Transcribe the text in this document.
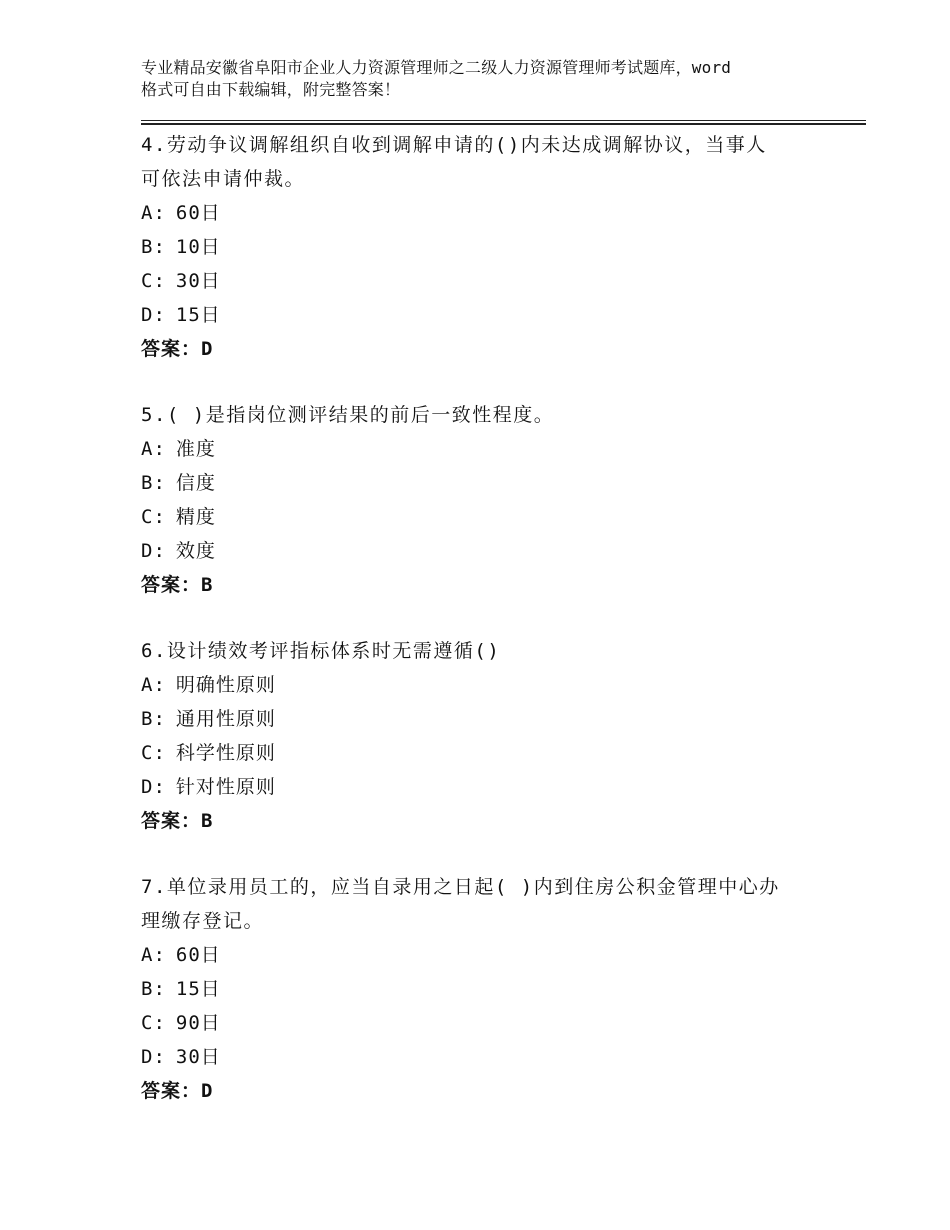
专业精品安徽省阜阳市企业人力资源管理师之二级人力资源管理师考试题库，word
格式可自由下载编辑，附完整答案！
4.劳动争议调解组织自收到调解申请的()内未达成调解协议，当事人
可依法申请仲裁。
A: 60日
B: 10日
C: 30日
D: 15日
答案：D
5.( )是指岗位测评结果的前后一致性程度。
A: 准度
B: 信度
C: 精度
D: 效度
答案：B
6.设计绩效考评指标体系时无需遵循()
A: 明确性原则
B: 通用性原则
C: 科学性原则
D: 针对性原则
答案：B
7.单位录用员工的，应当自录用之日起( )内到住房公积金管理中心办
理缴存登记。
A: 60日
B: 15日
C: 90日
D: 30日
答案：D
